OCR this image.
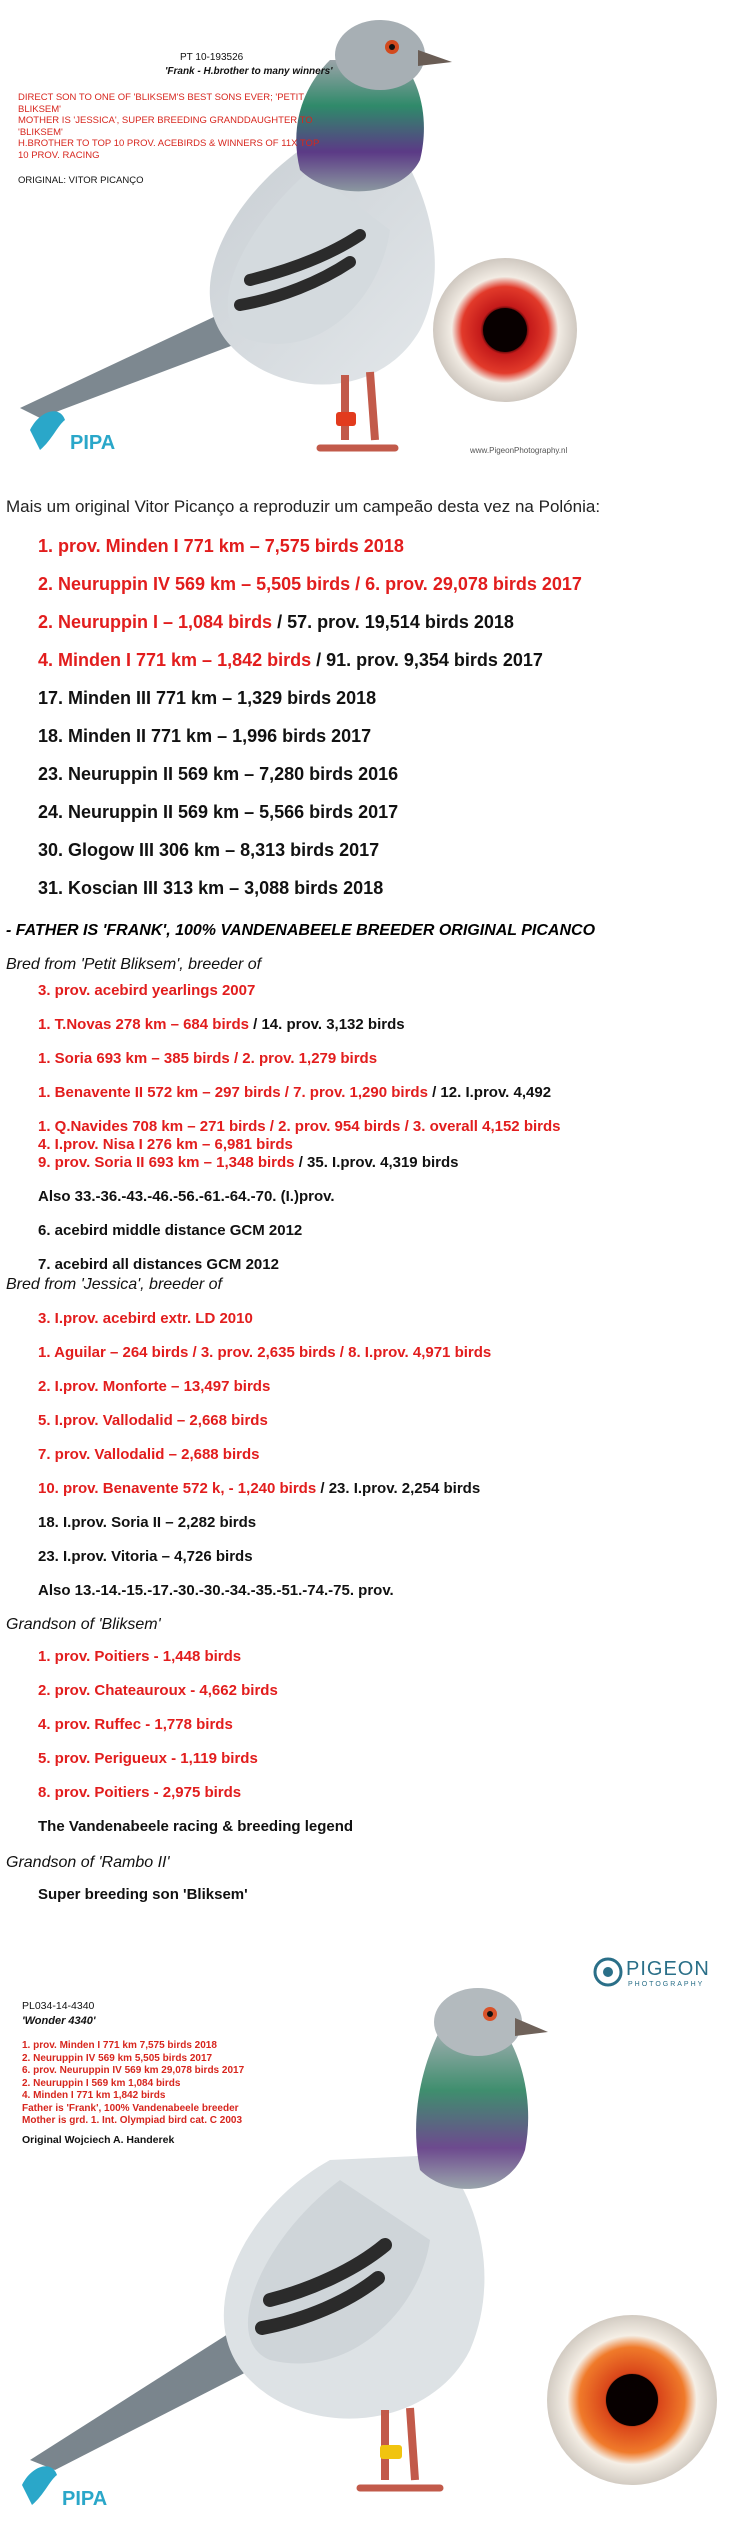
PT 10-193526
'Frank - H.brother to many winners'
DIRECT SON TO ONE OF 'BLIKSEM'S BEST SONS EVER; 'PETIT
BLIKSEM'
MOTHER IS 'JESSICA', SUPER BREEDING GRANDDAUGHTER TO
'BLIKSEM'
H.BROTHER TO TOP 10 PROV. ACEBIRDS & WINNERS OF 11X TOP
10 PROV. RACING
ORIGINAL: VITOR PICANÇO
PIPA	www.PigeonPhotography.nl
Mais um original Vitor Picanço a reproduzir um campeão desta vez na Polónia:
1. prov. Minden I 771 km – 7,575 birds 2018
2. Neuruppin IV 569 km – 5,505 birds / 6. prov. 29,078 birds 2017
2. Neuruppin I – 1,084 birds / 57. prov. 19,514 birds 2018
4. Minden I 771 km – 1,842 birds / 91. prov. 9,354 birds 2017
17. Minden III 771 km – 1,329 birds 2018
18. Minden II 771 km – 1,996 birds 2017
23. Neuruppin II 569 km – 7,280 birds 2016
24. Neuruppin II 569 km – 5,566 birds 2017
30. Glogow III 306 km – 8,313 birds 2017
31. Koscian III 313 km – 3,088 birds 2018
- FATHER IS 'FRANK', 100% VANDENABEELE BREEDER ORIGINAL PICANCO
Bred from 'Petit Bliksem', breeder of
3. prov. acebird yearlings 2007
1. T.Novas 278 km – 684 birds / 14. prov. 3,132 birds
1. Soria 693 km – 385 birds / 2. prov. 1,279 birds
1. Benavente II 572 km – 297 birds / 7. prov. 1,290 birds / 12. I.prov. 4,492
1. Q.Navides 708 km – 271 birds / 2. prov. 954 birds / 3. overall 4,152 birds
4. I.prov. Nisa I 276 km – 6,981 birds
9. prov. Soria II 693 km – 1,348 birds / 35. I.prov. 4,319 birds
Also 33.-36.-43.-46.-56.-61.-64.-70. (I.)prov.
6. acebird middle distance GCM 2012
7. acebird all distances GCM 2012
Bred from 'Jessica', breeder of
3. I.prov. acebird extr. LD 2010
1. Aguilar – 264 birds / 3. prov. 2,635 birds / 8. I.prov. 4,971 birds
2. I.prov. Monforte – 13,497 birds
5. I.prov. Vallodalid – 2,668 birds
7. prov. Vallodalid – 2,688 birds
10. prov. Benavente 572 k, - 1,240 birds / 23. I.prov. 2,254 birds
18. I.prov. Soria II – 2,282 birds
23. I.prov. Vitoria – 4,726 birds
Also 13.-14.-15.-17.-30.-30.-34.-35.-51.-74.-75. prov.
Grandson of 'Bliksem'
1. prov. Poitiers - 1,448 birds
2. prov. Chateauroux - 4,662 birds
4. prov. Ruffec - 1,778 birds
5. prov. Perigueux - 1,119 birds
8. prov. Poitiers - 2,975 birds
The Vandenabeele racing & breeding legend
Grandson of 'Rambo II'
Super breeding son 'Bliksem'
PL034-14-4340
'Wonder 4340'
1. prov. Minden I 771 km 7,575 birds 2018
2. Neuruppin IV 569 km 5,505 birds 2017
6. prov. Neuruppin IV 569 km 29,078 birds 2017
2. Neuruppin I 569 km 1,084 birds
4. Minden I 771 km 1,842 birds
Father is 'Frank', 100% Vandenabeele breeder
Mother is grd. 1. Int. Olympiad bird cat. C 2003
Original Wojciech A. Handerek
PIPA
PIGEON
PHOTOGRAPHY
